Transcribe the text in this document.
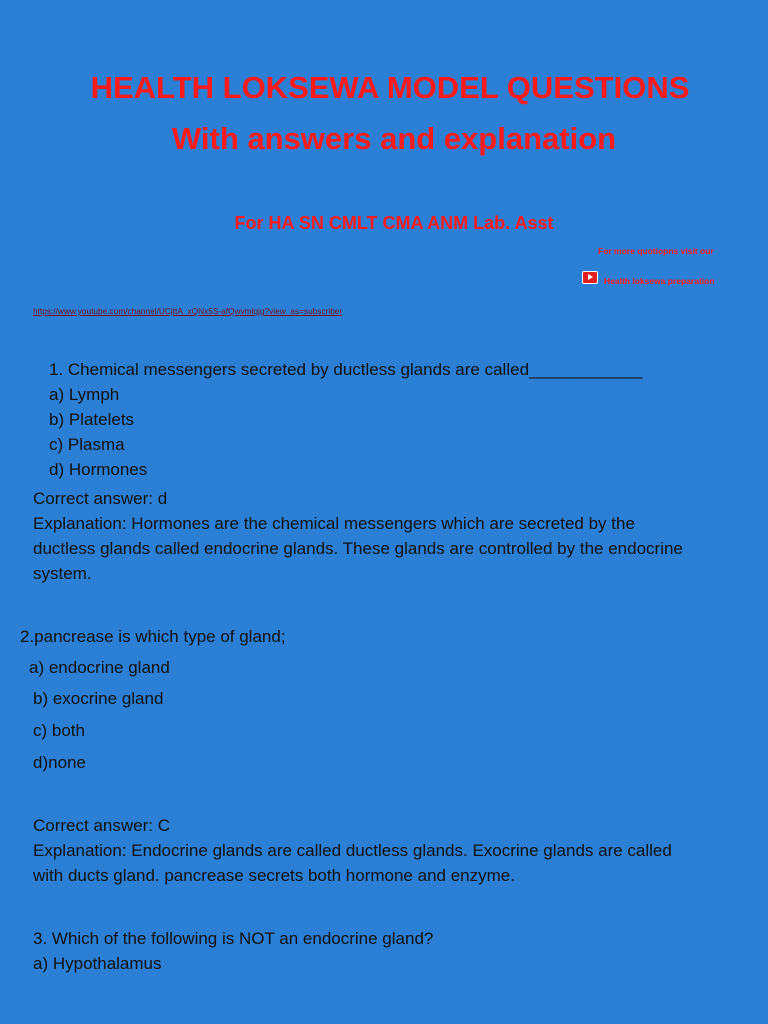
HEALTH LOKSEWA MODEL QUESTIONS
With answers and explanation
For HA SN CMLT CMA ANM Lab. Asst
For more quotiopns visit our
Health loksewa preparation
https://www.youtube.com/channel/UCjttA_xQNx5S-afQwvmlqjg?view_as=subscriber
1. Chemical messengers secreted by ductless glands are called____________
a) Lymph
b) Platelets
c) Plasma
d) Hormones
Correct answer: d
Explanation: Hormones are the chemical messengers which are secreted by the
ductless glands called endocrine glands. These glands are controlled by the endocrine
system.
2.pancrease is which type of gland;
a) endocrine gland
b) exocrine gland
c) both
d)none
Correct answer: C
Explanation: Endocrine glands are called ductless glands. Exocrine glands are called
with ducts gland. pancrease secrets both hormone and enzyme.
3. Which of the following is NOT an endocrine gland?
a) Hypothalamus
